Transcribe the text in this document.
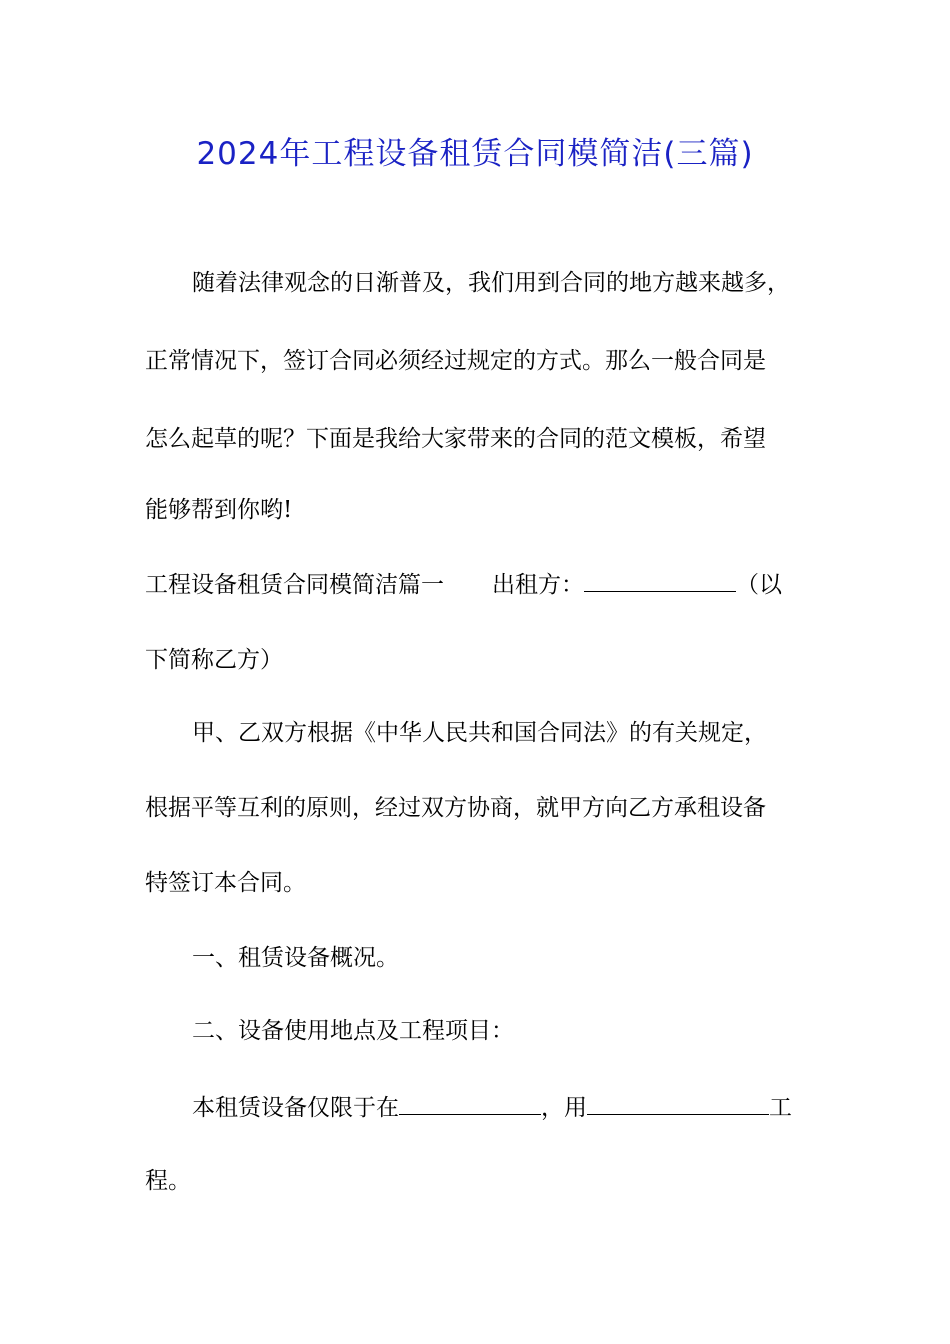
2024年工程设备租赁合同模简洁(三篇)
随着法律观念的日渐普及，我们用到合同的地方越来越多，
正常情况下，签订合同必须经过规定的方式。那么一般合同是
怎么起草的呢？下面是我给大家带来的合同的范文模板，希望
能够帮到你哟!
工程设备租赁合同模简洁篇一 出租方：	（以
下简称乙方）
甲、乙双方根据《中华人民共和国合同法》的有关规定，
根据平等互利的原则，经过双方协商，就甲方向乙方承租设备
特签订本合同。
一、租赁设备概况。
二、设备使用地点及工程项目：
本租赁设备仅限于在	，用	工
程。
